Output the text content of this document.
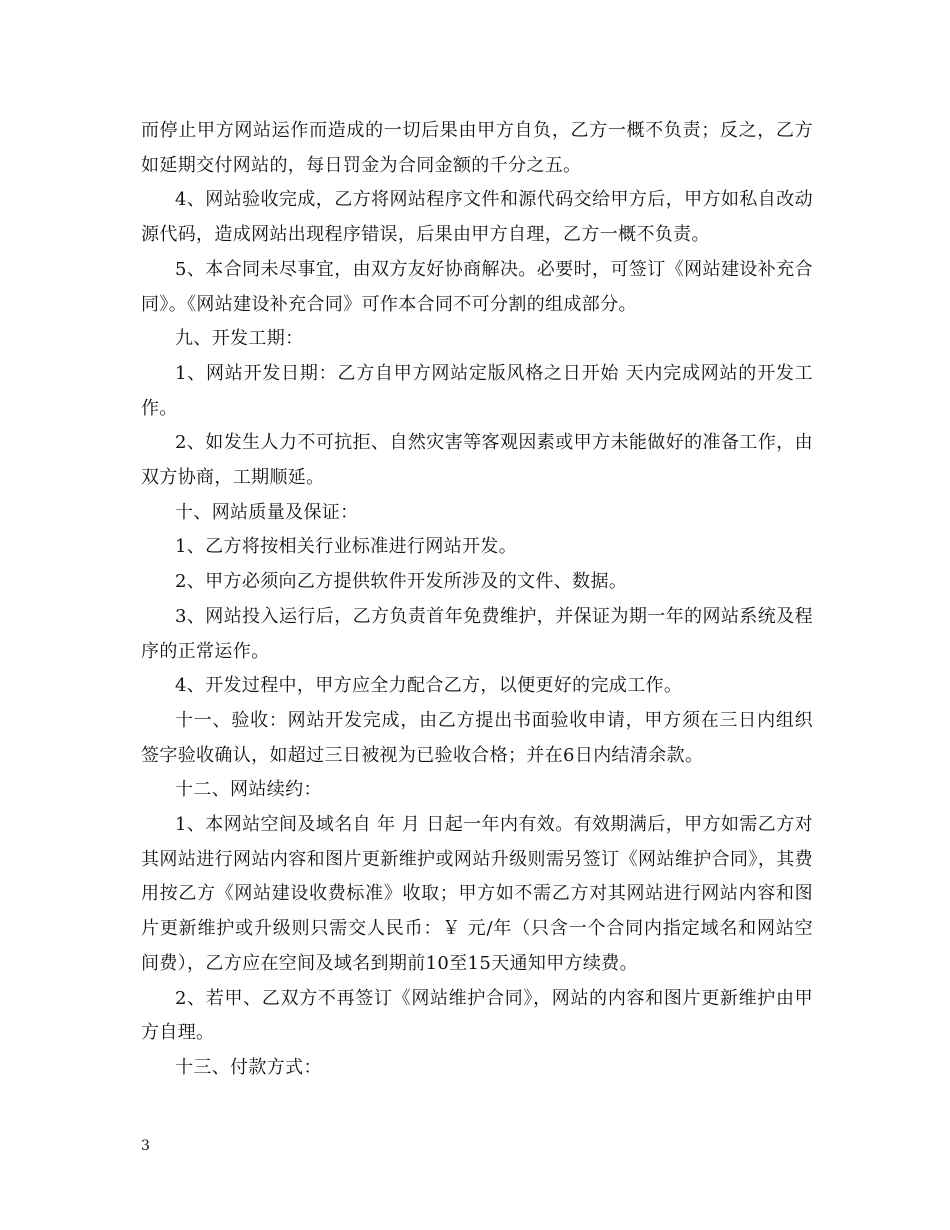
而停止甲方网站运作而造成的一切后果由甲方自负，乙方一概不负责；反之，乙方如延期交付网站的，每日罚金为合同金额的千分之五。

4、网站验收完成，乙方将网站程序文件和源代码交给甲方后，甲方如私自改动源代码，造成网站出现程序错误，后果由甲方自理，乙方一概不负责。

5、本合同未尽事宜，由双方友好协商解决。必要时，可签订《网站建设补充合同》。《网站建设补充合同》可作本合同不可分割的组成部分。

九、开发工期：

1、网站开发日期：乙方自甲方网站定版风格之日开始 天内完成网站的开发工作。

2、如发生人力不可抗拒、自然灾害等客观因素或甲方未能做好的准备工作，由双方协商，工期顺延。

十、网站质量及保证：

1、乙方将按相关行业标准进行网站开发。

2、甲方必须向乙方提供软件开发所涉及的文件、数据。

3、网站投入运行后，乙方负责首年免费维护，并保证为期一年的网站系统及程序的正常运作。

4、开发过程中，甲方应全力配合乙方，以便更好的完成工作。

十一、验收：网站开发完成，由乙方提出书面验收申请，甲方须在三日内组织签字验收确认，如超过三日被视为已验收合格；并在6日内结清余款。

十二、网站续约：

1、本网站空间及域名自 年 月 日起一年内有效。有效期满后，甲方如需乙方对其网站进行网站内容和图片更新维护或网站升级则需另签订《网站维护合同》，其费用按乙方《网站建设收费标准》收取；甲方如不需乙方对其网站进行网站内容和图片更新维护或升级则只需交人民币：￥ 元/年（只含一个合同内指定域名和网站空间费），乙方应在空间及域名到期前10至15天通知甲方续费。

2、若甲、乙双方不再签订《网站维护合同》，网站的内容和图片更新维护由甲方自理。

十三、付款方式：

3
